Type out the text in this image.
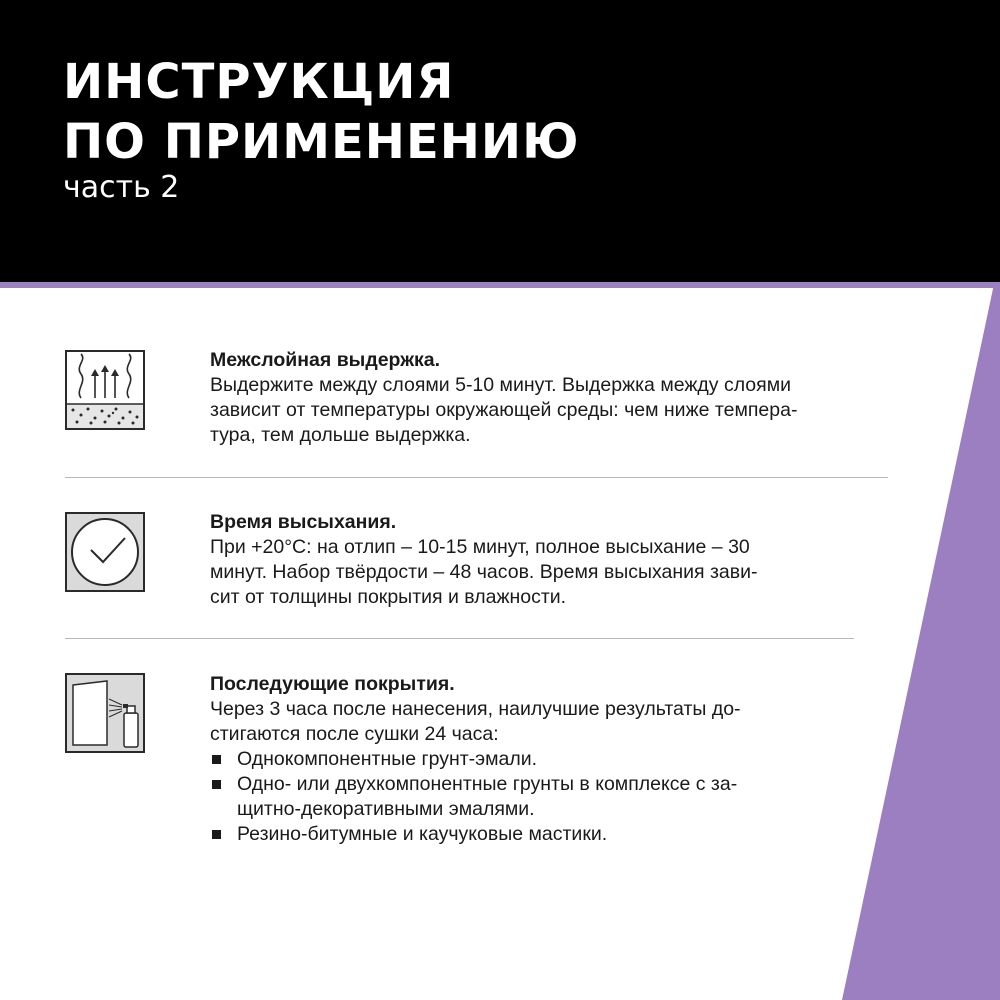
ИНСТРУКЦИЯ
ПО ПРИМЕНЕНИЮ
часть 2

Межслойная выдержка.

Выдержите между слоями 5-10 минут. Выдержка между слоями

зависит от температуры окружающей среды: чем ниже темпера-

тура, тем дольше выдержка.

Время высыхания.

При +20°C: на отлип – 10-15 минут, полное высыхание – 30

минут. Набор твёрдости – 48 часов. Время высыхания зави-

сит от толщины покрытия и влажности.

Последующие покрытия.

Через 3 часа после нанесения, наилучшие результаты до-

стигаются после сушки 24 часа:

Однокомпонентные грунт-эмали.
Одно- или двухкомпонентные грунты в комплексе с за-
щитно-декоративными эмалями.
Резино-битумные и каучуковые мастики.
